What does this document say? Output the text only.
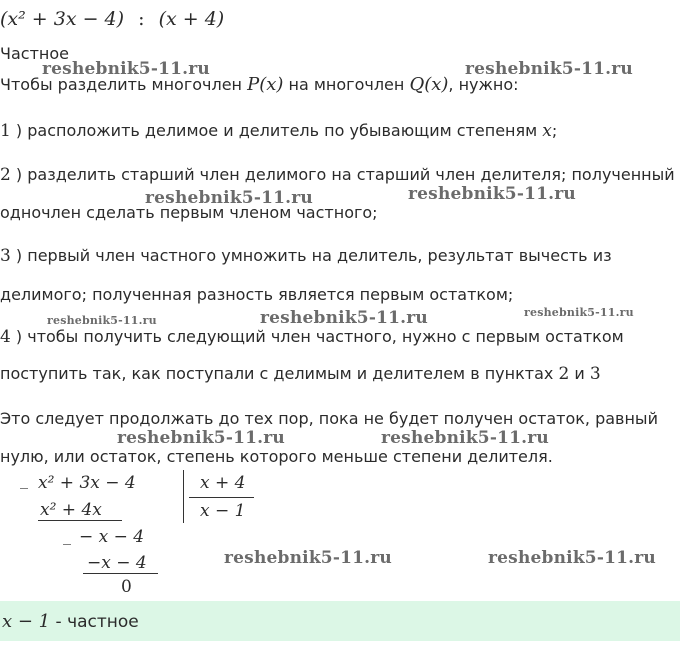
(x² + 3x − 4) : (x + 4)
Частное
Чтобы разделить многочлен P(x) на многочлен Q(x), нужно:
1 ) расположить делимое и делитель по убывающим степеням x;
2 ) разделить старший член делимого на старший член делителя; полученный
одночлен сделать первым членом частного;
3 ) первый член частного умножить на делитель, результат вычесть из
делимого; полученная разность является первым остатком;
4 ) чтобы получить следующий член частного, нужно с первым остатком
поступить так, как поступали с делимым и делителем в пунктах 2 и 3
Это следует продолжать до тех пор, пока не будет получен остаток, равный
нулю, или остаток, степень которого меньше степени делителя.
_ x² + 3x − 4
x² + 4x
x + 4
x − 1
_ − x − 4
−x − 4
0
x − 1 - частное
reshebnik5-11.ru	reshebnik5-11.ru
reshebnik5-11.ru	reshebnik5-11.ru
reshebnik5-11.ru	reshebnik5-11.ru	reshebnik5-11.ru
reshebnik5-11.ru	reshebnik5-11.ru
reshebnik5-11.ru	reshebnik5-11.ru
